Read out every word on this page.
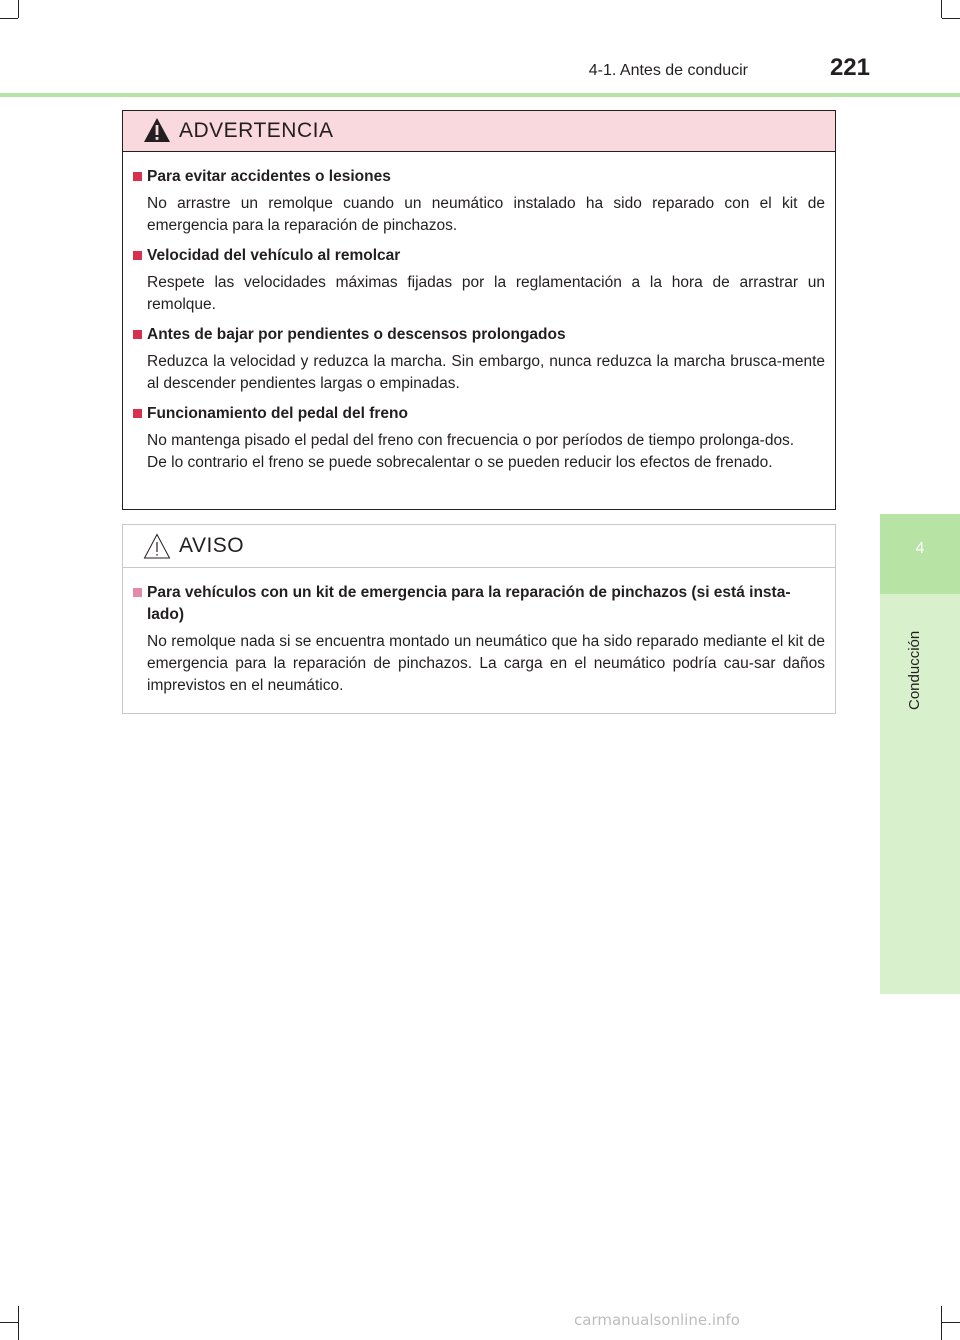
4-1. Antes de conducir	221
4
Conducción
ADVERTENCIA
Para evitar accidentes o lesiones
No arrastre un remolque cuando un neumático instalado ha sido reparado con el kit de emergencia para la reparación de pinchazos.
Velocidad del vehículo al remolcar
Respete las velocidades máximas fijadas por la reglamentación a la hora de arrastrar un remolque.
Antes de bajar por pendientes o descensos prolongados
Reduzca la velocidad y reduzca la marcha. Sin embargo, nunca reduzca la marcha brusca-mente al descender pendientes largas o empinadas.
Funcionamiento del pedal del freno
No mantenga pisado el pedal del freno con frecuencia o por períodos de tiempo prolonga-dos.
De lo contrario el freno se puede sobrecalentar o se pueden reducir los efectos de frenado.
AVISO
Para vehículos con un kit de emergencia para la reparación de pinchazos (si está insta-lado)
No remolque nada si se encuentra montado un neumático que ha sido reparado mediante el kit de emergencia para la reparación de pinchazos. La carga en el neumático podría cau-sar daños imprevistos en el neumático.
carmanualsonline.info
